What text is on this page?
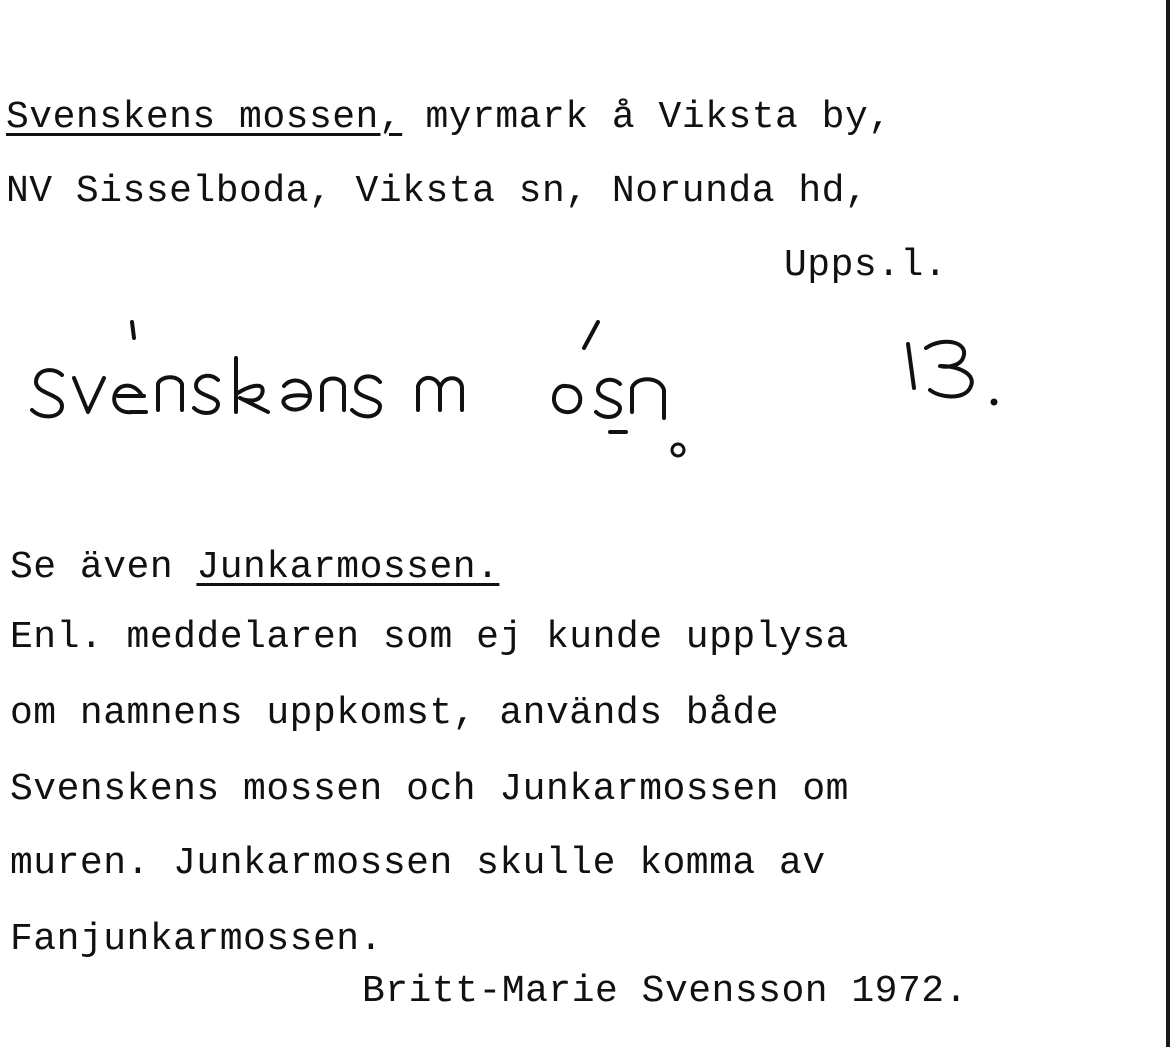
Svenskens mossen, myrmark å Viksta by,
NV Sisselboda, Viksta sn, Norunda hd,
Upps.l.
Se även Junkarmossen.
Enl. meddelaren som ej kunde upplysa
om namnens uppkomst, används både
Svenskens mossen och Junkarmossen om
muren. Junkarmossen skulle komma av
Fanjunkarmossen.
Britt-Marie Svensson 1972.
